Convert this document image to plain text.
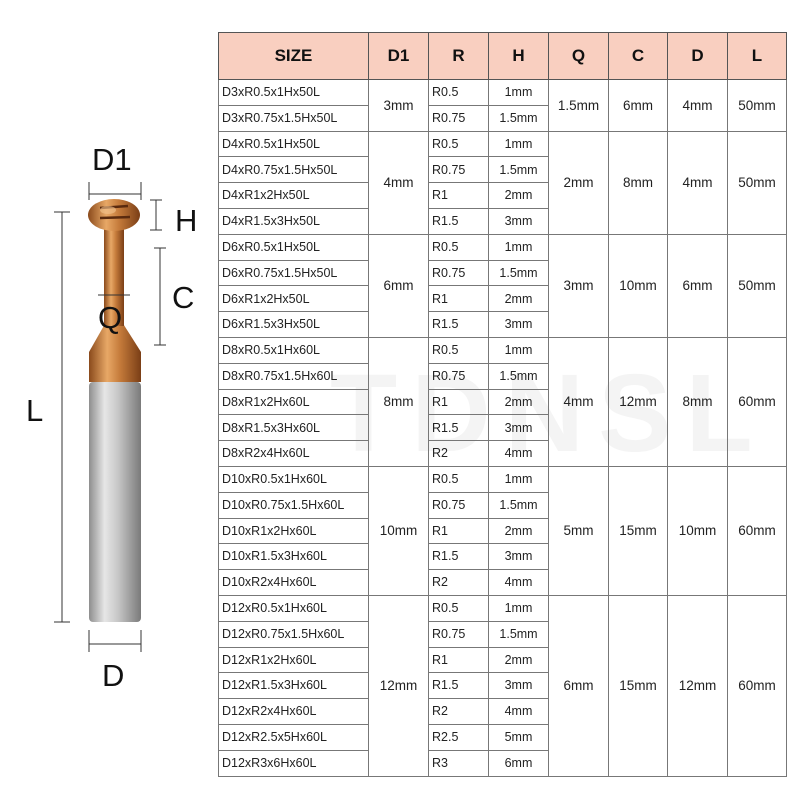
D1
H
C
Q
L
D
SIZE	D1	R	H	Q	C	D	L
D3xR0.5x1Hx50L	3mm	R0.5	1mm	1.5mm	6mm	4mm	50mm
D3xR0.75x1.5Hx50L		R0.75	1.5mm				
D4xR0.5x1Hx50L	4mm	R0.5	1mm	2mm	8mm	4mm	50mm
D4xR0.75x1.5Hx50L		R0.75	1.5mm				
D4xR1x2Hx50L		R1	2mm				
D4xR1.5x3Hx50L		R1.5	3mm				
D6xR0.5x1Hx50L	6mm	R0.5	1mm	3mm	10mm	6mm	50mm
D6xR0.75x1.5Hx50L		R0.75	1.5mm				
D6xR1x2Hx50L		R1	2mm				
D6xR1.5x3Hx50L		R1.5	3mm				
D8xR0.5x1Hx60L	8mm	R0.5	1mm	4mm	12mm	8mm	60mm
D8xR0.75x1.5Hx60L		R0.75	1.5mm				
D8xR1x2Hx60L		R1	2mm				
D8xR1.5x3Hx60L		R1.5	3mm				
D8xR2x4Hx60L		R2	4mm				
D10xR0.5x1Hx60L	10mm	R0.5	1mm	5mm	15mm	10mm	60mm
D10xR0.75x1.5Hx60L		R0.75	1.5mm				
D10xR1x2Hx60L		R1	2mm				
D10xR1.5x3Hx60L		R1.5	3mm				
D10xR2x4Hx60L		R2	4mm				
D12xR0.5x1Hx60L	12mm	R0.5	1mm	6mm	15mm	12mm	60mm
D12xR0.75x1.5Hx60L		R0.75	1.5mm				
D12xR1x2Hx60L		R1	2mm				
D12xR1.5x3Hx60L		R1.5	3mm				
D12xR2x4Hx60L		R2	4mm				
D12xR2.5x5Hx60L		R2.5	5mm				
D12xR3x6Hx60L		R3	6mm				
